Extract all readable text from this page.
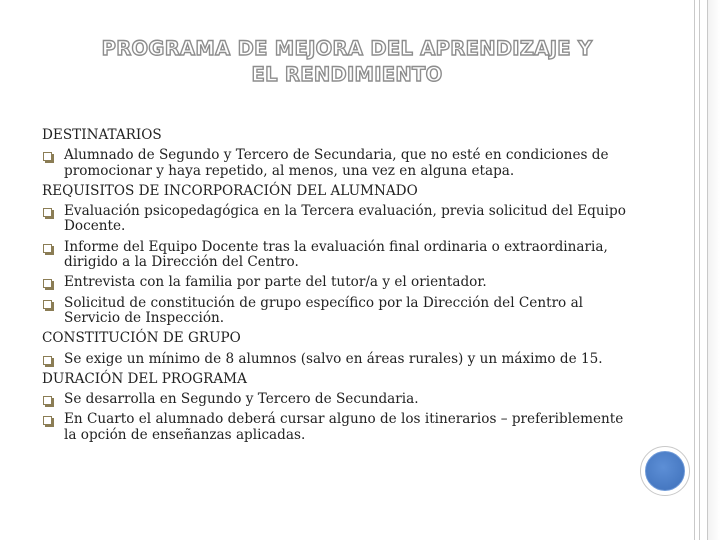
PROGRAMA DE MEJORA DEL APRENDIZAJE Y
EL RENDIMIENTO
DESTINATARIOS
Alumnado de Segundo y Tercero de Secundaria, que no esté en condiciones de promocionar y haya repetido, al menos, una vez en alguna etapa.
REQUISITOS DE INCORPORACIÓN DEL ALUMNADO
Evaluación psicopedagógica en la Tercera evaluación, previa solicitud del Equipo Docente.
Informe del Equipo Docente tras la evaluación final ordinaria o extraordinaria, dirigido a la Dirección del Centro.
Entrevista con la familia por parte del tutor/a y el orientador.
Solicitud de constitución de grupo específico por la Dirección del Centro al Servicio de Inspección.
CONSTITUCIÓN DE GRUPO
Se exige un mínimo de 8 alumnos (salvo en áreas rurales) y un máximo de 15.
DURACIÓN DEL PROGRAMA
Se desarrolla en Segundo y Tercero de Secundaria.
En Cuarto el alumnado deberá cursar alguno de los itinerarios – preferiblemente la opción de enseñanzas aplicadas.
